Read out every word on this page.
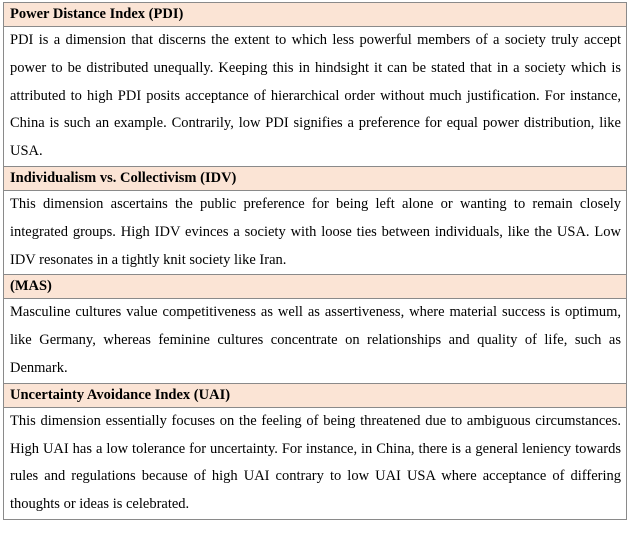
Power Distance Index (PDI)
PDI is a dimension that discerns the extent to which less powerful members of a society truly accept power to be distributed unequally. Keeping this in hindsight it can be stated that in a society which is attributed to high PDI posits acceptance of hierarchical order without much justification. For instance, China is such an example. Contrarily, low PDI signifies a preference for equal power distribution, like USA.
Individualism vs. Collectivism (IDV)
This dimension ascertains the public preference for being left alone or wanting to remain closely integrated groups. High IDV evinces a society with loose ties between individuals, like the USA. Low IDV resonates in a tightly knit society like Iran.
(MAS)
Masculine cultures value competitiveness as well as assertiveness, where material success is optimum, like Germany, whereas feminine cultures concentrate on relationships and quality of life, such as Denmark.
Uncertainty Avoidance Index (UAI)
This dimension essentially focuses on the feeling of being threatened due to ambiguous circumstances. High UAI has a low tolerance for uncertainty. For instance, in China, there is a general leniency towards rules and regulations because of high UAI contrary to low UAI USA where acceptance of differing thoughts or ideas is celebrated.
